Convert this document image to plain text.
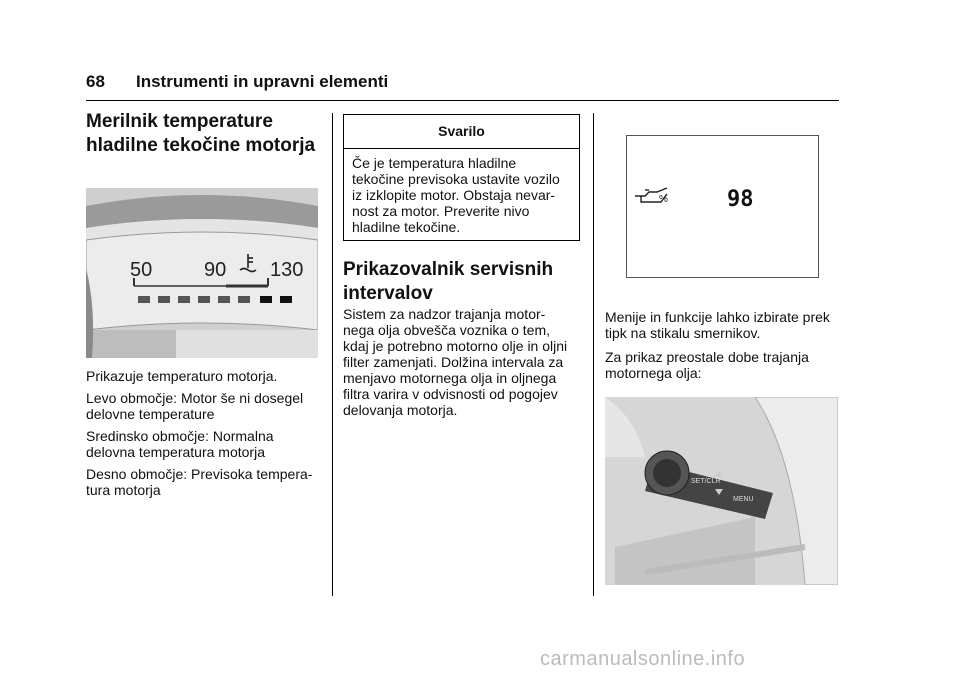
68 Instrumenti in upravni elementi

Merilnik temperature

hladilne tekočine motorja

50	90 130

Prikazuje temperaturo motorja.

Levo območje: Motor še ni dosegel

delovne temperature

Sredinsko območje: Normalna

delovna temperatura motorja

Desno območje: Previsoka tempera-

tura motorja

Svarilo
Če je temperatura hladilne
tekočine previsoka ustavite vozilo
iz izklopite motor. Obstaja nevar-
nost za motor. Preverite nivo
hladilne tekočine.

Prikazovalnik servisnih

intervalov

Sistem za nadzor trajanja motor-

nega olja obvešča voznika o tem,

kdaj je potrebno motorno olje in oljni

filter zamenjati. Dolžina intervala za

menjavo motornega olja in oljnega

filtra varira v odvisnosti od pogojev

delovanja motorja.

%	98

Menije in funkcije lahko izbirate prek

tipk na stikalu smernikov.

Za prikaz preostale dobe trajanja

motornega olja:

SET/CLR
MENU
carmanualsonline.info
